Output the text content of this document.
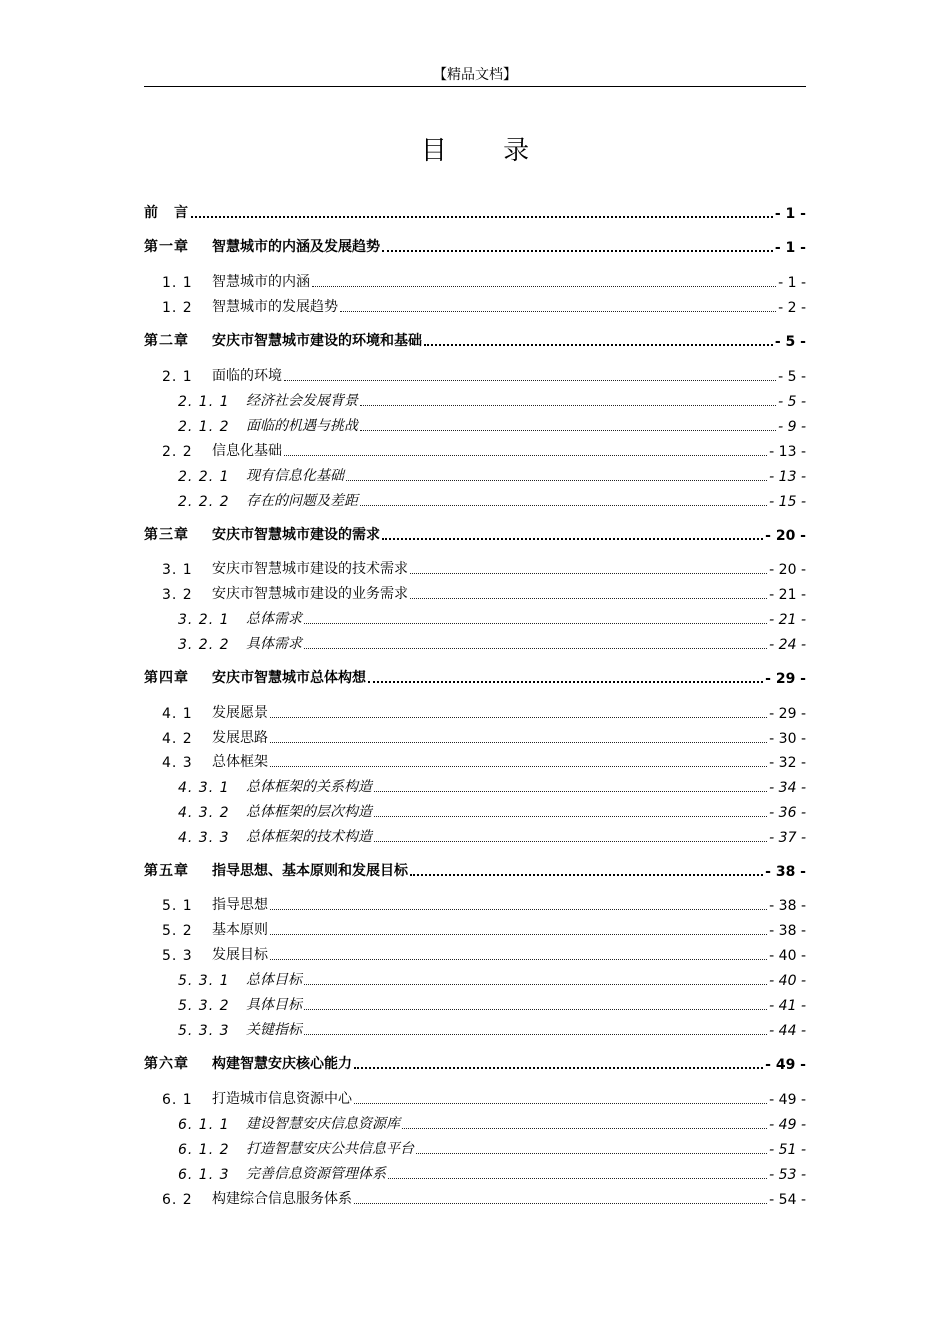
【精品文档】
目 录
前　言	- 1 -
第一章	智慧城市的内涵及发展趋势	- 1 -
1. 1	智慧城市的内涵	- 1 -
1. 2	智慧城市的发展趋势	- 2 -
第二章	安庆市智慧城市建设的环境和基础	- 5 -
2. 1	面临的环境	- 5 -
2. 1. 1	经济社会发展背景	- 5 -
2. 1. 2	面临的机遇与挑战	- 9 -
2. 2	信息化基础	- 13 -
2. 2. 1	现有信息化基础	- 13 -
2. 2. 2	存在的问题及差距	- 15 -
第三章	安庆市智慧城市建设的需求	- 20 -
3. 1	安庆市智慧城市建设的技术需求	- 20 -
3. 2	安庆市智慧城市建设的业务需求	- 21 -
3. 2. 1	总体需求	- 21 -
3. 2. 2	具体需求	- 24 -
第四章	安庆市智慧城市总体构想	- 29 -
4. 1	发展愿景	- 29 -
4. 2	发展思路	- 30 -
4. 3	总体框架	- 32 -
4. 3. 1	总体框架的关系构造	- 34 -
4. 3. 2	总体框架的层次构造	- 36 -
4. 3. 3	总体框架的技术构造	- 37 -
第五章	指导思想、基本原则和发展目标	- 38 -
5. 1	指导思想	- 38 -
5. 2	基本原则	- 38 -
5. 3	发展目标	- 40 -
5. 3. 1	总体目标	- 40 -
5. 3. 2	具体目标	- 41 -
5. 3. 3	关键指标	- 44 -
第六章	构建智慧安庆核心能力	- 49 -
6. 1	打造城市信息资源中心	- 49 -
6. 1. 1	建设智慧安庆信息资源库	- 49 -
6. 1. 2	打造智慧安庆公共信息平台	- 51 -
6. 1. 3	完善信息资源管理体系	- 53 -
6. 2	构建综合信息服务体系	- 54 -
